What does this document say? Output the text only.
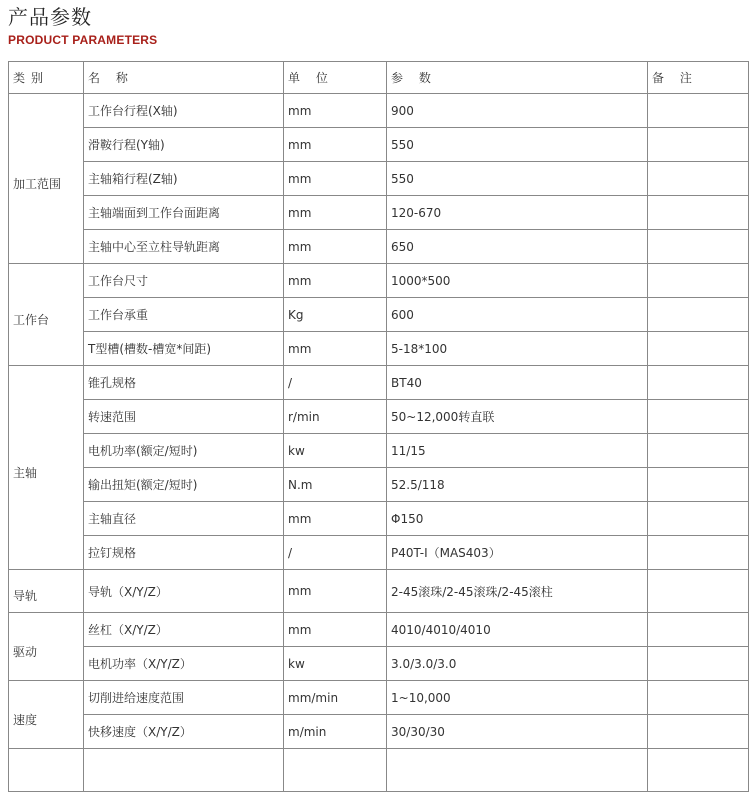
产品参数
PRODUCT PARAMETERS
类别	名 称	单 位	参 数	备 注
加工范围	工作台行程(X轴)	mm	900	
	滑鞍行程(Y轴)	mm	550	
	主轴箱行程(Z轴)	mm	550	
	主轴端面到工作台面距离	mm	120-670	
	主轴中心至立柱导轨距离	mm	650	
工作台	工作台尺寸	mm	1000*500	
	工作台承重	Kg	600	
	T型槽(槽数-槽宽*间距)	mm	5-18*100	
主轴	锥孔规格	/	BT40	
	转速范围	r/min	50~12,000转直联	
	电机功率(额定/短时)	kw	11/15	
	输出扭矩(额定/短时)	N.m	52.5/118	
	主轴直径	mm	Φ150	
	拉钉规格	/	P40T-I（MAS403）	
导轨	导轨（X/Y/Z）	mm	2-45滚珠/2-45滚珠/2-45滚柱	
驱动	丝杠（X/Y/Z）	mm	4010/4010/4010	
	电机功率（X/Y/Z）	kw	3.0/3.0/3.0	
速度	切削进给速度范围	mm/min	1~10,000	
	快移速度（X/Y/Z）	m/min	30/30/30	
